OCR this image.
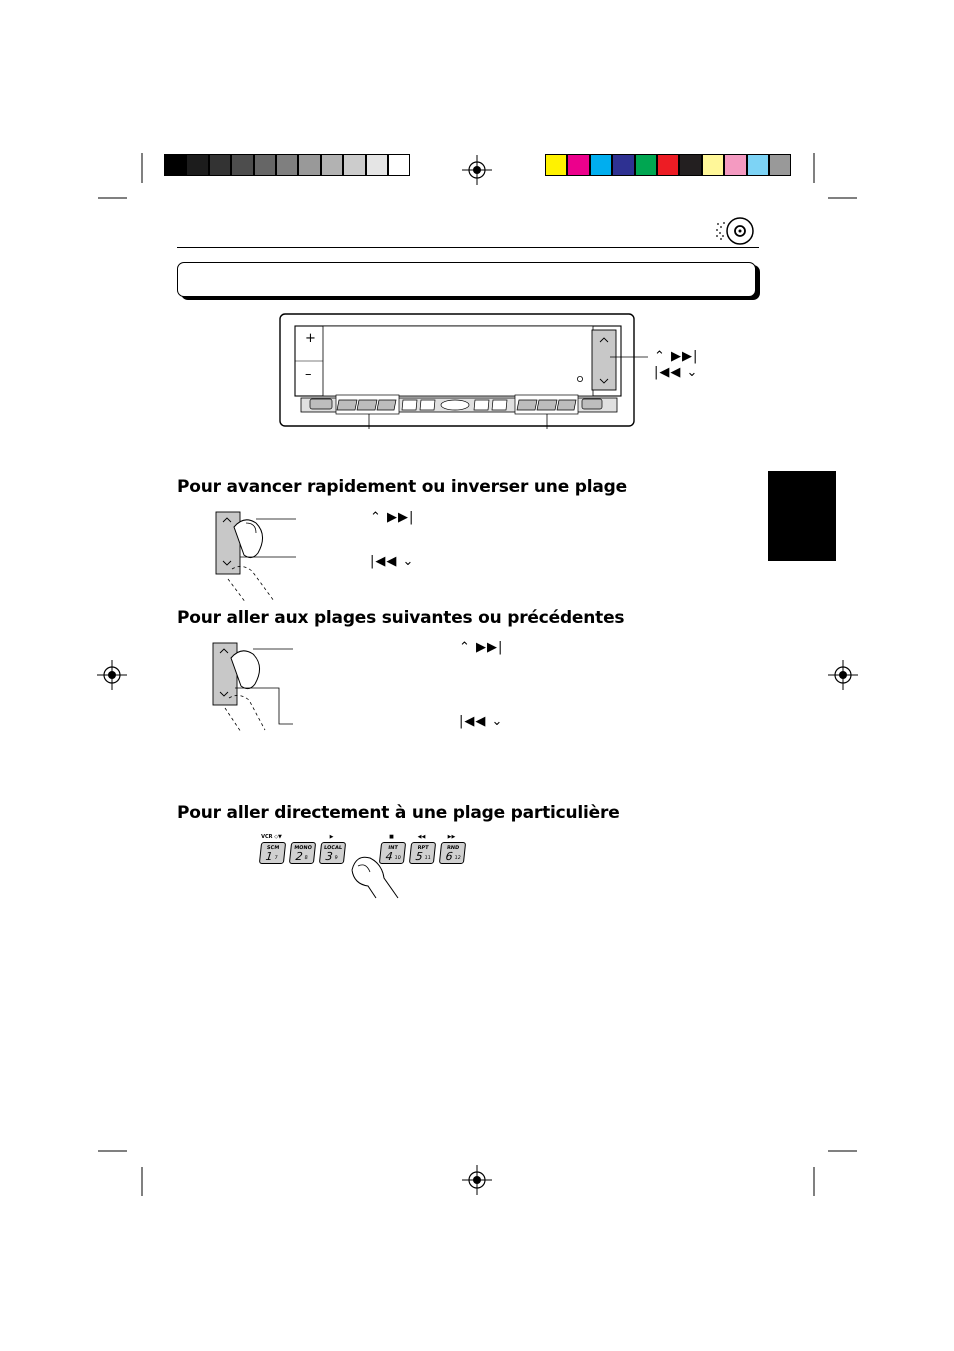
+
–
⌃ ▶▶|
|◀◀ ⌄
Pour avancer rapidement ou inverser une plage
⌃ ▶▶|
|◀◀ ⌄
Pour aller aux plages suivantes ou précédentes
⌃ ▶▶|
|◀◀ ⌄
Pour aller directement à une plage particulière
VCR ◇▼
SCM
1 7
MONO
2 8
▶
LOCAL
3 9
■
INT
4 10
◀◀
RPT
5 11
▶▶
RND
6 12
